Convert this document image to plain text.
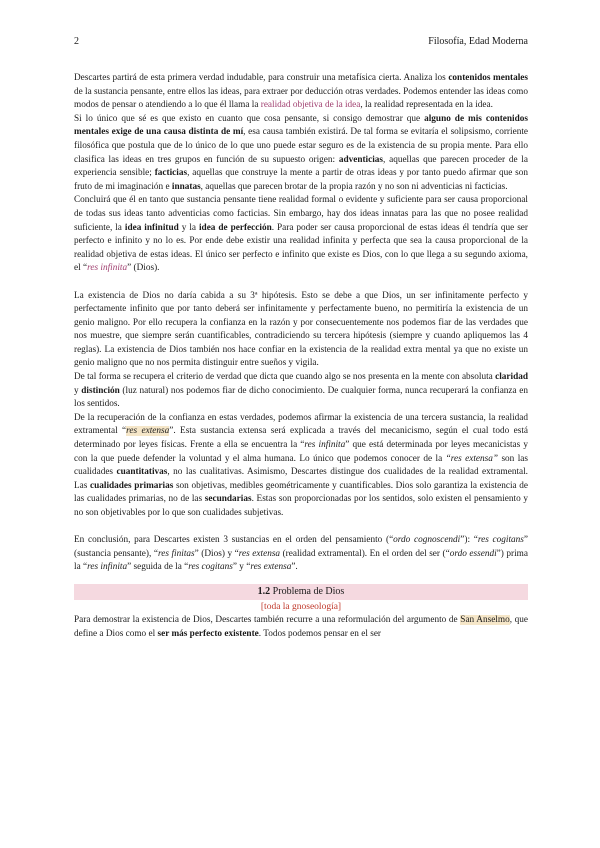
2	Filosofía, Edad Moderna

Descartes partirá de esta primera verdad indudable, para construir una metafísica cierta. Analiza los contenidos mentales de la sustancia pensante, entre ellos las ideas, para extraer por deducción otras verdades. Podemos entender las ideas como modos de pensar o atendiendo a lo que él llama la realidad objetiva de la idea, la realidad representada en la idea.

Si lo único que sé es que existo en cuanto que cosa pensante, si consigo demostrar que alguno de mis contenidos mentales exige de una causa distinta de mí, esa causa también existirá. De tal forma se evitaría el solipsismo, corriente filosófica que postula que de lo único de lo que uno puede estar seguro es de la existencia de su propia mente. Para ello clasifica las ideas en tres grupos en función de su supuesto origen: adventicias, aquellas que parecen proceder de la experiencia sensible; facticias, aquellas que construye la mente a partir de otras ideas y por tanto puedo afirmar que son fruto de mi imaginación e innatas, aquellas que parecen brotar de la propia razón y no son ni adventicias ni facticias.

Concluirá que él en tanto que sustancia pensante tiene realidad formal o evidente y suficiente para ser causa proporcional de todas sus ideas tanto adventicias como facticias. Sin embargo, hay dos ideas innatas para las que no posee realidad suficiente, la idea infinitud y la idea de perfección. Para poder ser causa proporcional de estas ideas él tendría que ser perfecto e infinito y no lo es. Por ende debe existir una realidad infinita y perfecta que sea la causa proporcional de la realidad objetiva de estas ideas. El único ser perfecto e infinito que existe es Dios, con lo que llega a su segundo axioma, el “res infinita” (Dios).

La existencia de Dios no daría cabida a su 3ª hipótesis. Esto se debe a que Dios, un ser infinitamente perfecto y perfectamente infinito que por tanto deberá ser infinitamente y perfectamente bueno, no permitiría la existencia de un genio maligno. Por ello recupera la confianza en la razón y por consecuentemente nos podemos fiar de las verdades que nos muestre, que siempre serán cuantificables, contradiciendo su tercera hipótesis (siempre y cuando apliquemos las 4 reglas). La existencia de Dios también nos hace confiar en la existencia de la realidad extra mental ya que no existe un genio maligno que no nos permita distinguir entre sueños y vigila.

De tal forma se recupera el criterio de verdad que dicta que cuando algo se nos presenta en la mente con absoluta claridad y distinción (luz natural) nos podemos fiar de dicho conocimiento. De cualquier forma, nunca recuperará la confianza en los sentidos.

De la recuperación de la confianza en estas verdades, podemos afirmar la existencia de una tercera sustancia, la realidad extramental “res extensa”. Esta sustancia extensa será explicada a través del mecanicismo, según el cual todo está determinado por leyes físicas. Frente a ella se encuentra la “res infinita” que está determinada por leyes mecanicistas y con la que puede defender la voluntad y el alma humana. Lo único que podemos conocer de la “res extensa” son las cualidades cuantitativas, no las cualitativas. Asimismo, Descartes distingue dos cualidades de la realidad extramental. Las cualidades primarias son objetivas, medibles geométricamente y cuantificables. Dios solo garantiza la existencia de las cualidades primarias, no de las secundarias. Estas son proporcionadas por los sentidos, solo existen el pensamiento y no son objetivables por lo que son cualidades subjetivas.

En conclusión, para Descartes existen 3 sustancias en el orden del pensamiento (“ordo cognoscendi”): “res cogitans” (sustancia pensante), “res finitas” (Dios) y “res extensa (realidad extramental). En el orden del ser (“ordo essendi”) prima la “res infinita” seguida de la “res cogitans” y “res extensa”.

1.2 Problema de Dios
[toda la gnoseología]

Para demostrar la existencia de Dios, Descartes también recurre a una reformulación del argumento de San Anselmo, que define a Dios como el ser más perfecto existente. Todos podemos pensar en el ser
